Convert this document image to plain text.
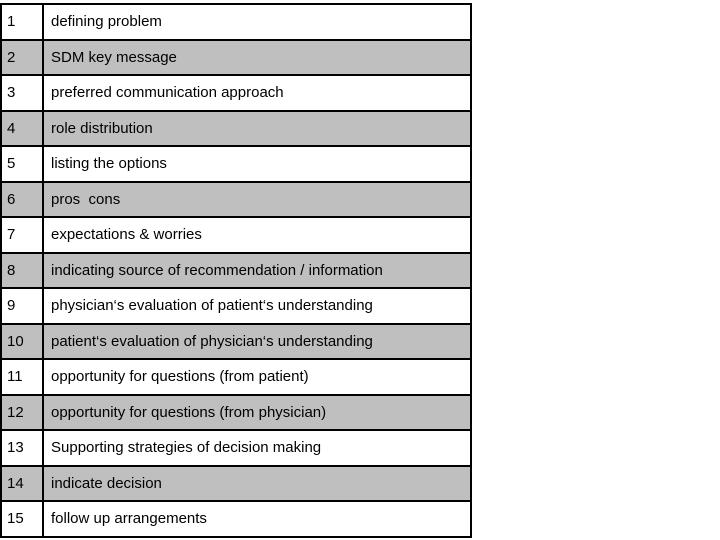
1	defining problem
2	SDM key message
3	preferred communication approach
4	role distribution
5	listing the options
6	pros  cons
7	expectations & worries
8	indicating source of recommendation / information
9	physician‘s evaluation of patient‘s understanding
10	patient‘s evaluation of physician‘s understanding
11	opportunity for questions (from patient)
12	opportunity for questions (from physician)
13	Supporting strategies of decision making
14	indicate decision
15	follow up arrangements
